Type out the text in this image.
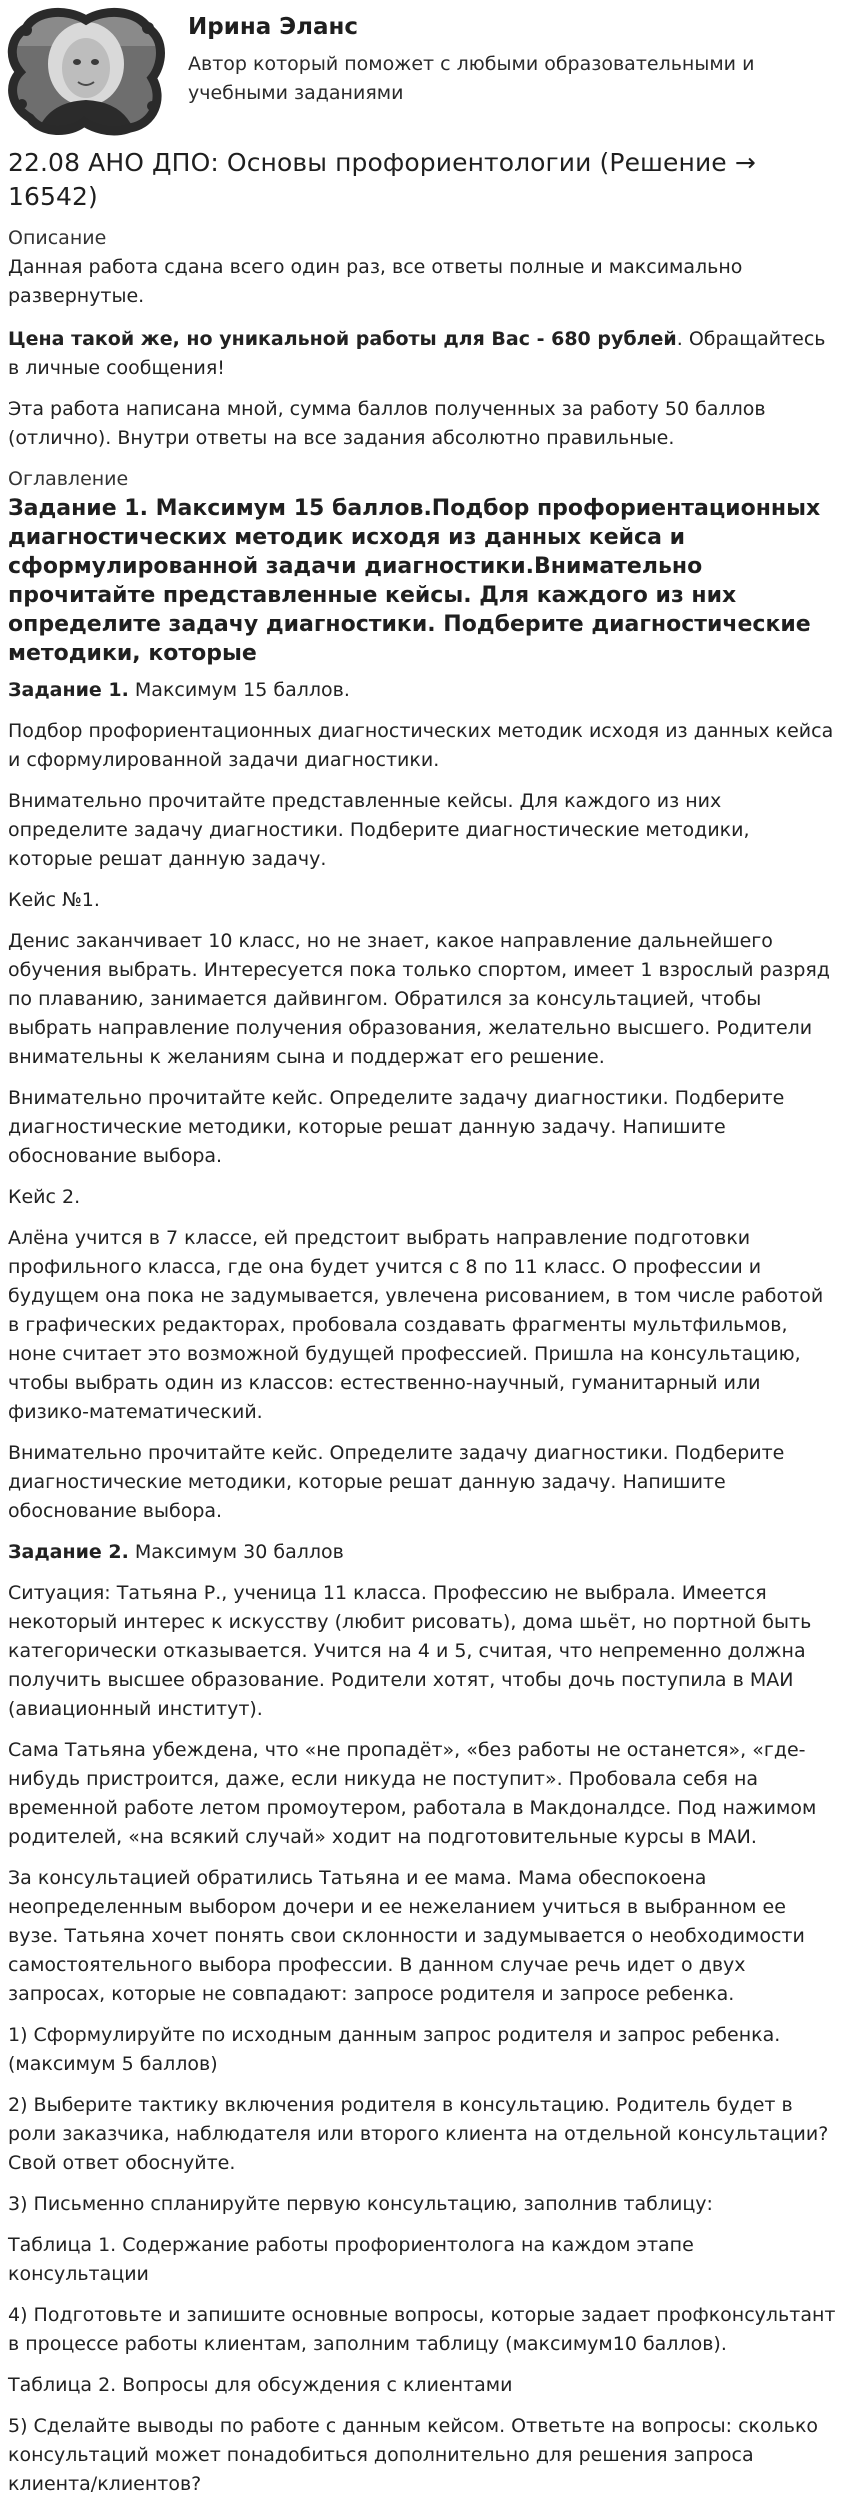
Ирина Эланс
Автор который поможет с любыми образовательными и учебными заданиями
22.08 АНО ДПО: Основы профориентологии (Решение → 16542)
Описание

Данная работа сдана всего один раз, все ответы полные и максимально развернутые.

Цена такой же, но уникальной работы для Вас - 680 рублей. Обращайтесь в личные сообщения!

Эта работа написана мной, сумма баллов полученных за работу 50 баллов (отлично). Внутри ответы на все задания абсолютно правильные.

Оглавление
Задание 1. Максимум 15 баллов.Подбор профориентационных диагностических методик исходя из данных кейса и сформулированной задачи диагностики.Внимательно прочитайте представленные кейсы. Для каждого из них определите задачу диагностики. Подберите диагностические методики, которые

Задание 1. Максимум 15 баллов.

Подбор профориентационных диагностических методик исходя из данных кейса и сформулированной задачи диагностики.

Внимательно прочитайте представленные кейсы. Для каждого из них определите задачу диагностики. Подберите диагностические методики, которые решат данную задачу.

Кейс №1.

Денис заканчивает 10 класс, но не знает, какое направление дальнейшего обучения выбрать. Интересуется пока только спортом, имеет 1 взрослый разряд по плаванию, занимается дайвингом. Обратился за консультацией, чтобы выбрать направление получения образования, желательно высшего. Родители внимательны к желаниям сына и поддержат его решение.

Внимательно прочитайте кейс. Определите задачу диагностики. Подберите диагностические методики, которые решат данную задачу. Напишите обоснование выбора.

Кейс 2.

Алёна учится в 7 классе, ей предстоит выбрать направление подготовки профильного класса, где она будет учится с 8 по 11 класс. О профессии и будущем она пока не задумывается, увлечена рисованием, в том числе работой в графических редакторах, пробовала создавать фрагменты мультфильмов, ноне считает это возможной будущей профессией. Пришла на консультацию, чтобы выбрать один из классов: естественно-научный, гуманитарный или физико-математический.

Внимательно прочитайте кейс. Определите задачу диагностики. Подберите диагностические методики, которые решат данную задачу. Напишите обоснование выбора.

Задание 2. Максимум 30 баллов

Ситуация: Татьяна Р., ученица 11 класса. Профессию не выбрала. Имеется некоторый интерес к искусству (любит рисовать), дома шьёт, но портной быть категорически отказывается. Учится на 4 и 5, считая, что непременно должна получить высшее образование. Родители хотят, чтобы дочь поступила в МАИ (авиационный институт).

Сама Татьяна убеждена, что «не пропадёт», «без работы не останется», «где-нибудь пристроится, даже, если никуда не поступит». Пробовала себя на временной работе летом промоутером, работала в Макдоналдсе. Под нажимом родителей, «на всякий случай» ходит на подготовительные курсы в МАИ.

За консультацией обратились Татьяна и ее мама. Мама обеспокоена неопределенным выбором дочери и ее нежеланием учиться в выбранном ее вузе. Татьяна хочет понять свои склонности и задумывается о необходимости самостоятельного выбора профессии. В данном случае речь идет о двух запросах, которые не совпадают: запросе родителя и запросе ребенка.

1) Сформулируйте по исходным данным запрос родителя и запрос ребенка. (максимум 5 баллов)

2) Выберите тактику включения родителя в консультацию. Родитель будет в роли заказчика, наблюдателя или второго клиента на отдельной консультации? Свой ответ обоснуйте.

3) Письменно спланируйте первую консультацию, заполнив таблицу:

Таблица 1. Содержание работы профориентолога на каждом этапе консультации

4) Подготовьте и запишите основные вопросы, которые задает профконсультант в процессе работы клиентам, заполним таблицу (максимум10 баллов).

Таблица 2. Вопросы для обсуждения с клиентами

5) Сделайте выводы по работе с данным кейсом. Ответьте на вопросы: сколько консультаций может понадобиться дополнительно для решения запроса клиента/клиентов?
